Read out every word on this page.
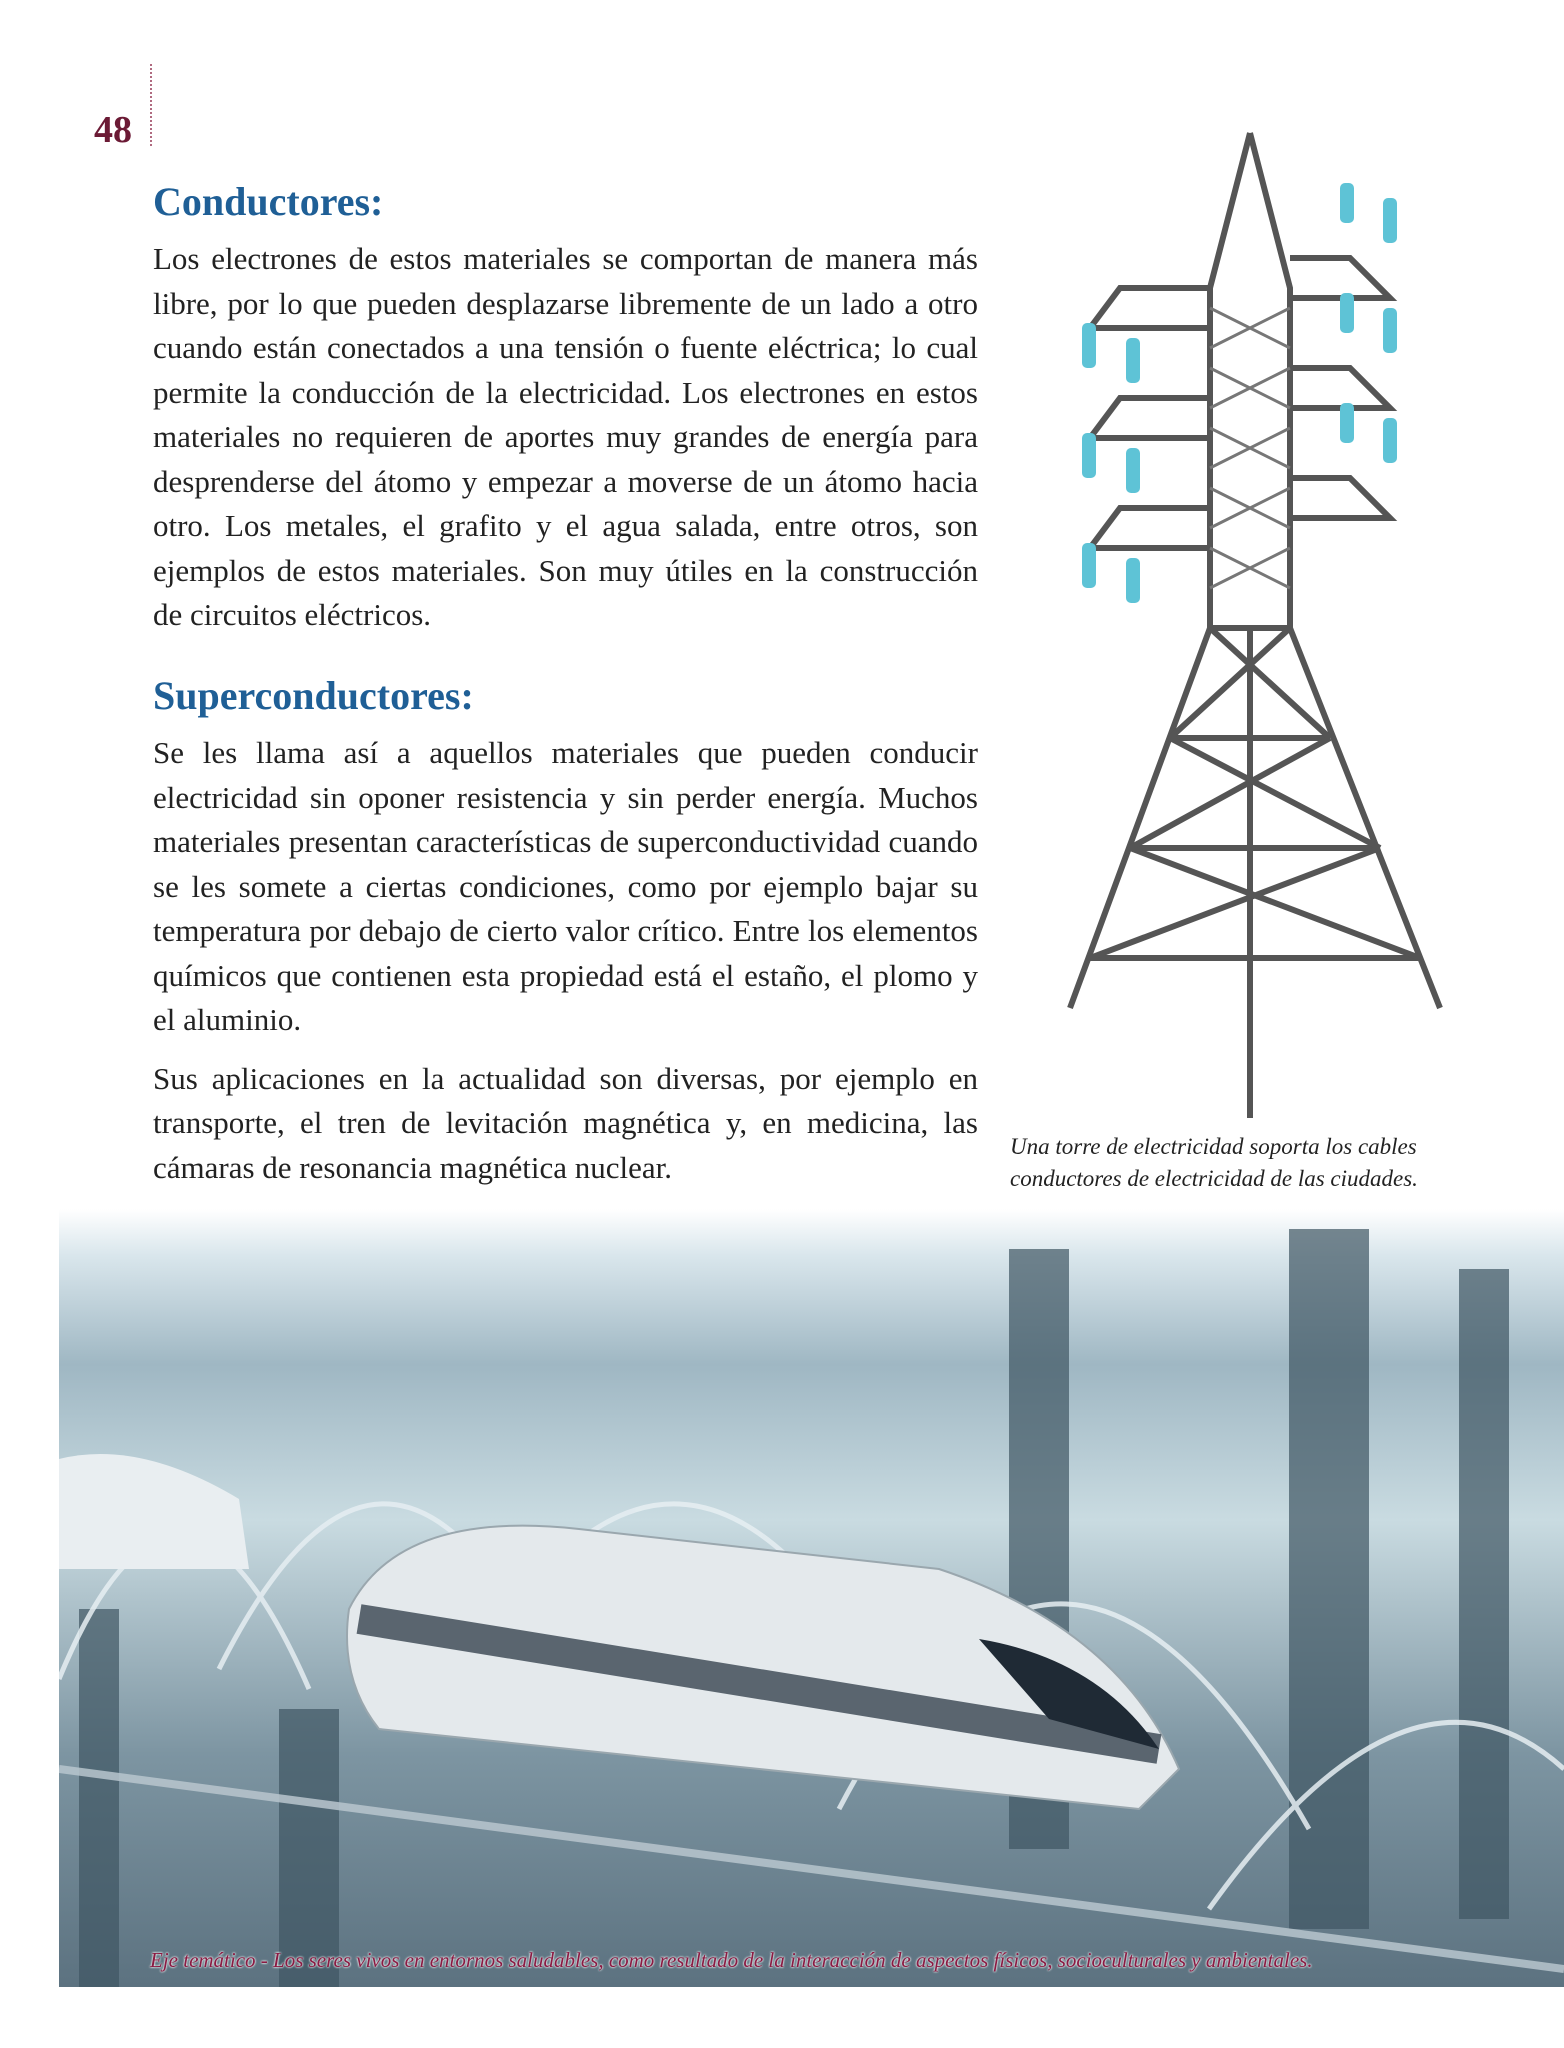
48
Conductores:

Los electrones de estos materiales se comportan de manera más libre, por lo que pueden desplazarse libremente de un lado a otro cuando están conectados a una tensión o fuente eléctrica; lo cual permite la conducción de la electricidad. Los electrones en estos materiales no requieren de aportes muy grandes de energía para desprenderse del átomo y empezar a moverse de un átomo hacia otro. Los metales, el grafito y el agua salada, entre otros, son ejemplos de estos materiales. Son muy útiles en la construcción de circuitos eléctricos.

Superconductores:

Se les llama así a aquellos materiales que pueden conducir electricidad sin oponer resistencia y sin perder energía. Muchos materiales presentan características de superconductividad cuando se les somete a ciertas condiciones, como por ejemplo bajar su temperatura por debajo de cierto valor crítico. Entre los elementos químicos que contienen esta propiedad está el estaño, el plomo y el aluminio.

Sus aplicaciones en la actualidad son diversas, por ejemplo en transporte, el tren de levitación magnética y, en medicina, las cámaras de resonancia magnética nuclear.

Una torre de electricidad soporta los cables conductores de electricidad de las ciudades.
Eje temático - Los seres vivos en entornos saludables, como resultado de la interacción de aspectos físicos, socioculturales y ambientales.
